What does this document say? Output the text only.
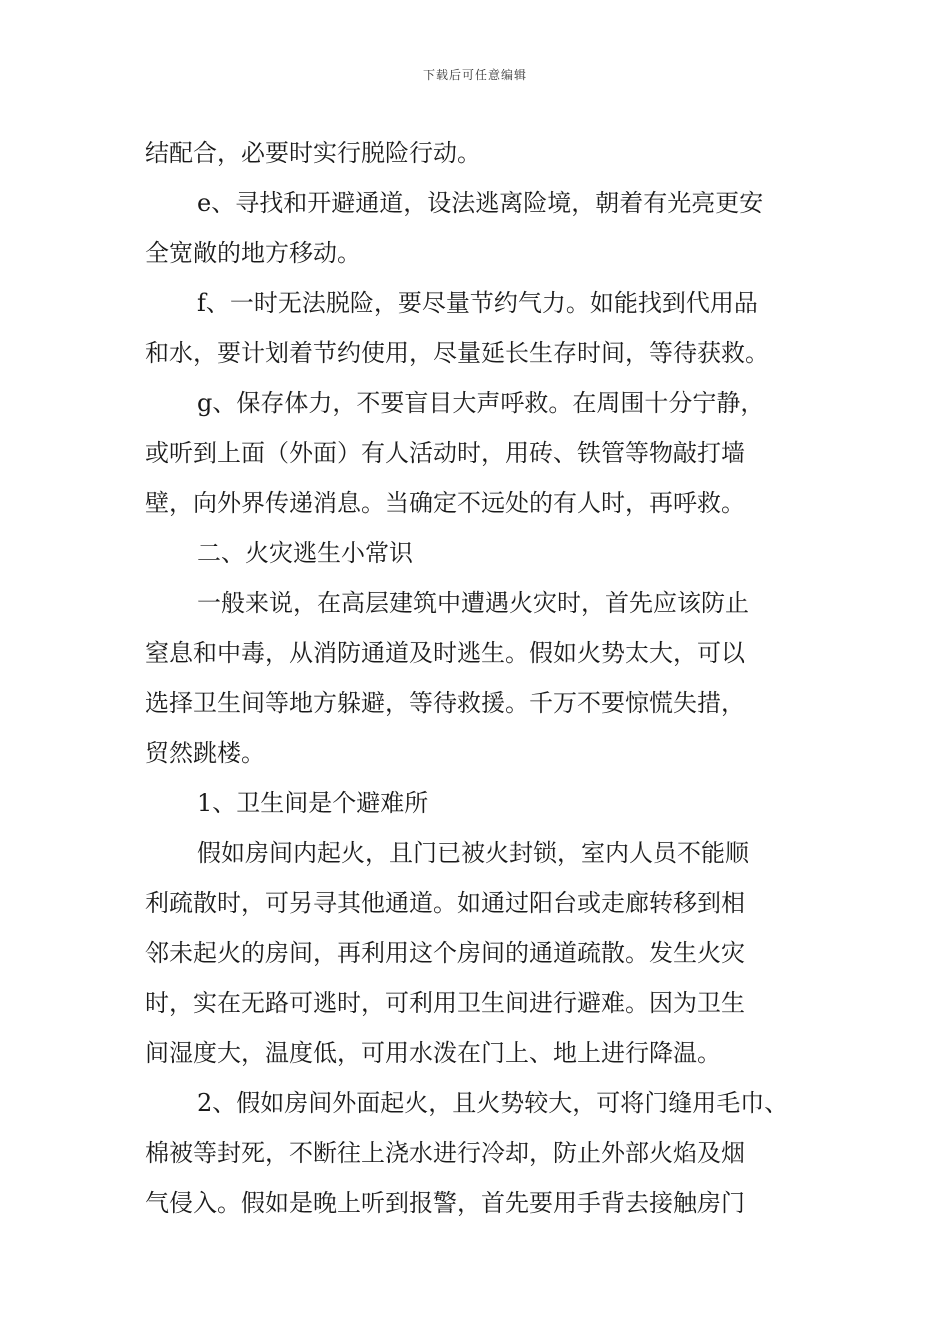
下载后可任意编辑
结配合，必要时实行脱险行动。
e、寻找和开避通道，设法逃离险境，朝着有光亮更安
全宽敞的地方移动。
f、一时无法脱险，要尽量节约气力。如能找到代用品
和水，要计划着节约使用，尽量延长生存时间，等待获救。
g、保存体力，不要盲目大声呼救。在周围十分宁静，
或听到上面（外面）有人活动时，用砖、铁管等物敲打墙
壁，向外界传递消息。当确定不远处的有人时，再呼救。
二、火灾逃生小常识
一般来说，在高层建筑中遭遇火灾时，首先应该防止
窒息和中毒，从消防通道及时逃生。假如火势太大，可以
选择卫生间等地方躲避，等待救援。千万不要惊慌失措，
贸然跳楼。
1、卫生间是个避难所
假如房间内起火，且门已被火封锁，室内人员不能顺
利疏散时，可另寻其他通道。如通过阳台或走廊转移到相
邻未起火的房间，再利用这个房间的通道疏散。发生火灾
时，实在无路可逃时，可利用卫生间进行避难。因为卫生
间湿度大，温度低，可用水泼在门上、地上进行降温。
2、假如房间外面起火，且火势较大，可将门缝用毛巾、
棉被等封死，不断往上浇水进行冷却，防止外部火焰及烟
气侵入。假如是晚上听到报警，首先要用手背去接触房门
